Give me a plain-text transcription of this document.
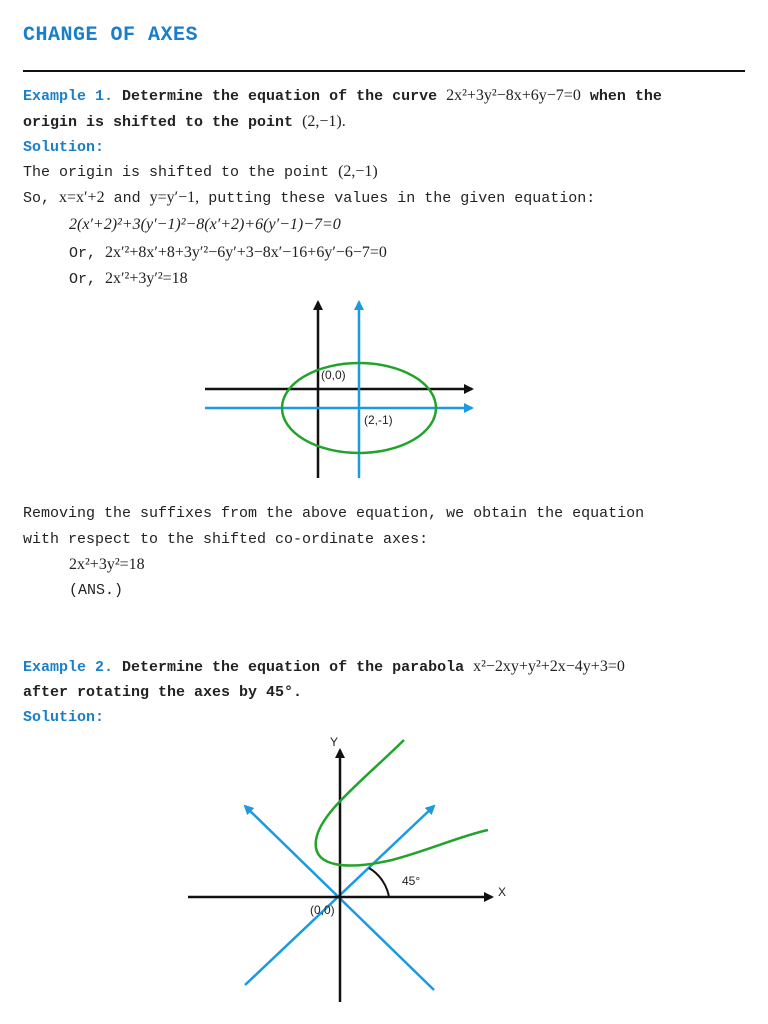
CHANGE OF AXES
Example 1. Determine the equation of the curve 2x²+3y²−8x+6y−7=0 when the
origin is shifted to the point (2,−1).
Solution:
The origin is shifted to the point (2,−1)
So, x=x′+2 and y=y′−1, putting these values in the given equation:
2(x′+2)²+3(y′−1)²−8(x′+2)+6(y′−1)−7=0
Or, 2x′²+8x′+8+3y′²−6y′+3−8x′−16+6y′−6−7=0
Or, 2x′²+3y′²=18
(0,0)
(2,-1)
Removing the suffixes from the above equation, we obtain the equation
with respect to the shifted co-ordinate axes:
2x²+3y²=18
(ANS.)
Example 2. Determine the equation of the parabola x²−2xy+y²+2x−4y+3=0
after rotating the axes by 45°.
Solution:
Y
X
45°
(0,0)
